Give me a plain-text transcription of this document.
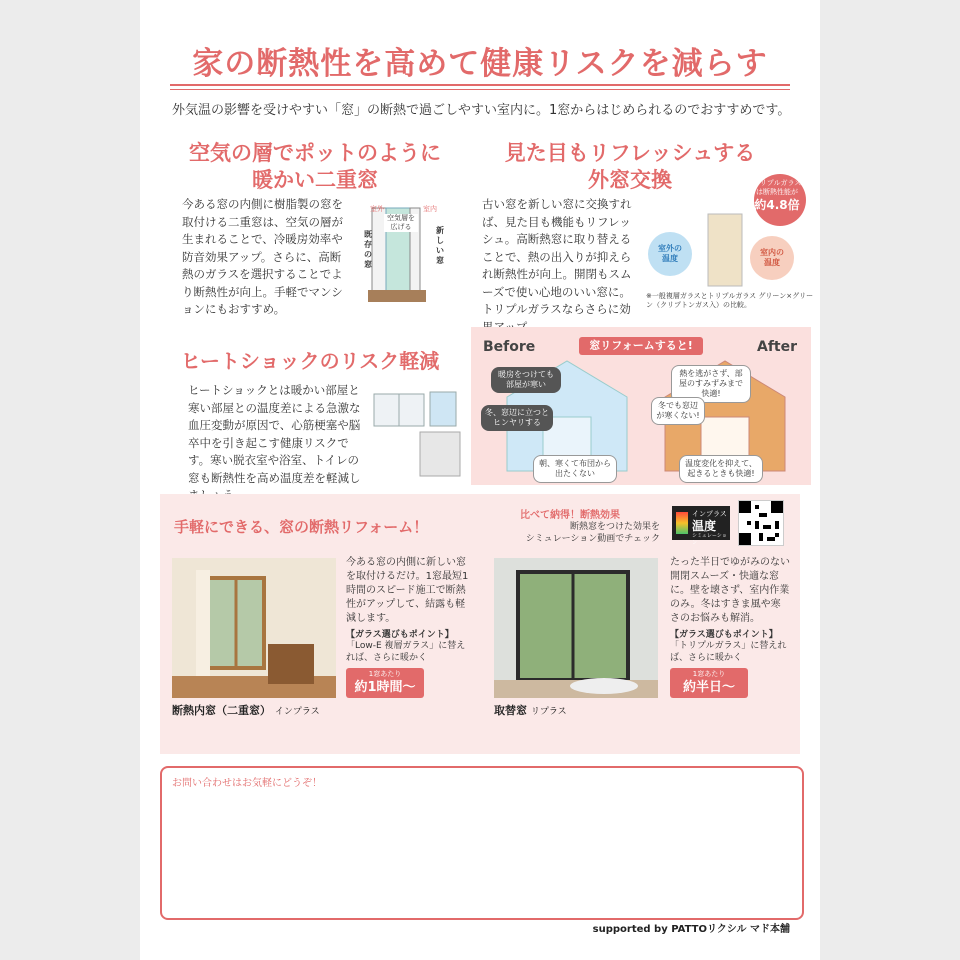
家の断熱性を高めて健康リスクを減らす
外気温の影響を受けやすい「窓」の断熱で過ごしやすい室内に。1窓からはじめられるのでおすすめです。
空気の層でポットのように
暖かい二重窓
今ある窓の内側に樹脂製の窓を取付ける二重窓は、空気の層が生まれることで、冷暖房効率や防音効果アップ。さらに、高断熱のガラスを選択することでより断熱性が向上。手軽でマンションにもおすすめ。
室外	室内
空気層を広げる
既存の窓
新しい窓
見た目もリフレッシュする
外窓交換
古い窓を新しい窓に交換すれば、見た目も機能もリフレッシュ。高断熱窓に取り替えることで、熱の出入りが抑えられ断熱性が向上。開閉もスムーズで使い心地のいい窓に。トリプルガラスならさらに効
トリプルガラス
は断熱性能が
約4.8倍
室外の温度
室内の温度
※一般複層ガラスとトリプルガラス グリーン×グリーン（クリプトンガス入）の比較。
ヒートショックのリスク軽減
ヒートショックとは暖かい部屋と寒い部屋との温度差による急激な血圧変動が原因で、心筋梗塞や脳卒中を引き起こす健康リスクです。寒い脱衣室や浴室、トイレの窓も断熱性を高め温度差を軽減し
Before	After
窓リフォームすると!
暖房をつけても部屋が寒い
冬、窓辺に立つとヒンヤリする
朝、寒くて布団から出たくない
熱を逃がさず、部屋のすみずみまで快適!
冬でも窓辺が寒くない!
温度変化を抑えて、起きるときも快適!
手軽にできる、窓の断熱リフォーム！
比べて納得！断熱効果
断熱窓をつけた効果を
シミュレーション動画でチェック
インプラス
温度
シミュレーション
断熱内窓（二重窓） インプラス
今ある窓の内側に新しい窓を取付けるだけ。1窓最短1時間のスピード施工で断熱性がアップして、結露も軽減します。
【ガラス選びもポイント】
「Low-E 複層ガラス」に替えれば、さらに暖かく
1窓あたり
約1時間〜
取替窓 リプラス
たった半日でゆがみのない開閉スムーズ・快適な窓に。壁を壊さず、室内作業のみ。冬はすきま風や寒さのお悩みも解消。
【ガラス選びもポイント】
「トリプルガラス」に替えれば、さらに暖かく
1窓あたり
約半日〜
お問い合わせはお気軽にどうぞ！
supported by PATTOリクシル マド本舗
